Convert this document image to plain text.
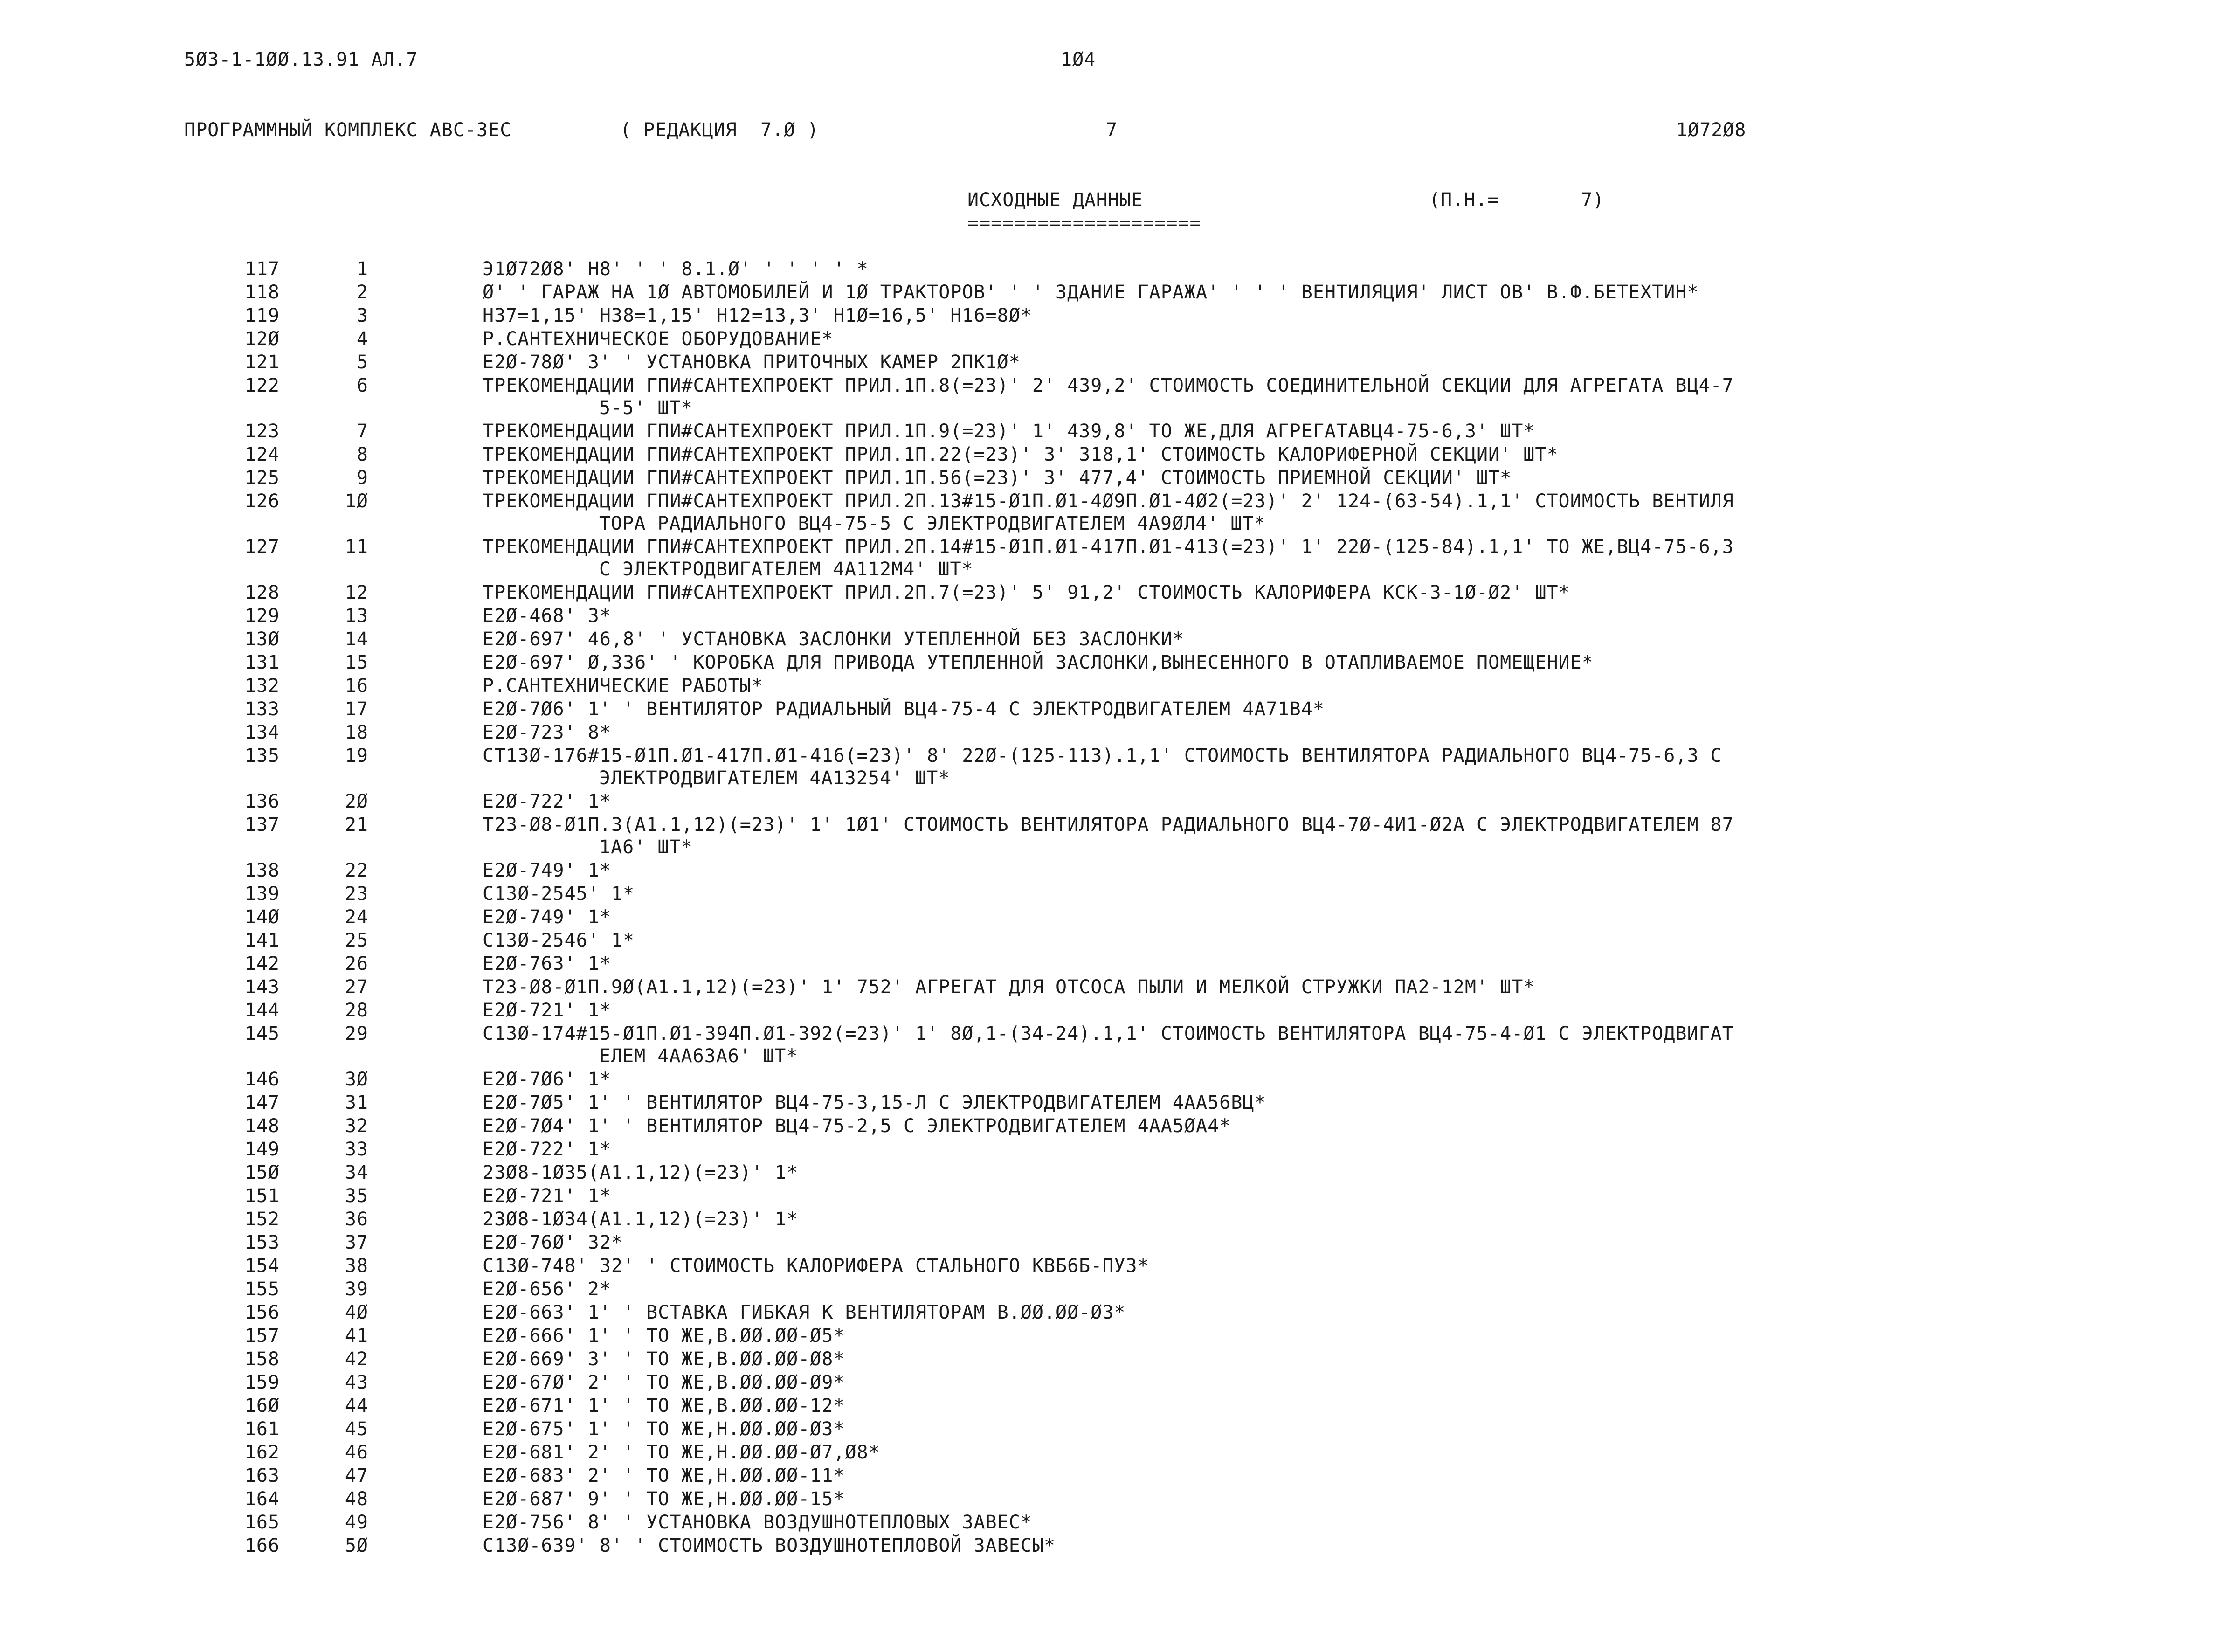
5Ø3-1-1ØØ.13.91 АЛ.7	1Ø4
ПРОГРАММНЫЙ КОМПЛЕКС АВС-3ЕС	( РЕДАКЦИЯ  7.Ø )	7	1Ø72Ø8
ИСХОДНЫЕ ДАННЫЕ
====================
(П.Н.=       7)
117	1	Э1Ø72Ø8' Н8' ' ' 8.1.Ø' ' ' ' ' *
118	2	Ø' ' ГАРАЖ НА 1Ø АВТОМОБИЛЕЙ И 1Ø ТРАКТОРОВ' ' ' ЗДАНИЕ ГАРАЖА' ' ' ' ВЕНТИЛЯЦИЯ' ЛИСТ ОВ' В.Ф.БЕТЕХТИН*
119	3	Н37=1,15' Н38=1,15' Н12=13,3' Н1Ø=16,5' Н16=8Ø*
12Ø	4	Р.САНТЕХНИЧЕСКОЕ ОБОРУДОВАНИЕ*
121	5	Е2Ø-78Ø' 3' ' УСТАНОВКА ПРИТОЧНЫХ КАМЕР 2ПК1Ø*
122	6	ТРЕКОМЕНДАЦИИ ГПИ#САНТЕХПРОЕКТ ПРИЛ.1П.8(=23)' 2' 439,2' СТОИМОСТЬ СОЕДИНИТЕЛЬНОЙ СЕКЦИИ ДЛЯ АГРЕГАТА ВЦ4-7
5-5' ШТ*
123	7	ТРЕКОМЕНДАЦИИ ГПИ#САНТЕХПРОЕКТ ПРИЛ.1П.9(=23)' 1' 439,8' ТО ЖЕ,ДЛЯ АГРЕГАТАВЦ4-75-6,3' ШТ*
124	8	ТРЕКОМЕНДАЦИИ ГПИ#САНТЕХПРОЕКТ ПРИЛ.1П.22(=23)' 3' 318,1' СТОИМОСТЬ КАЛОРИФЕРНОЙ СЕКЦИИ' ШТ*
125	9	ТРЕКОМЕНДАЦИИ ГПИ#САНТЕХПРОЕКТ ПРИЛ.1П.56(=23)' 3' 477,4' СТОИМОСТЬ ПРИЕМНОЙ СЕКЦИИ' ШТ*
126	1Ø	ТРЕКОМЕНДАЦИИ ГПИ#САНТЕХПРОЕКТ ПРИЛ.2П.13#15-Ø1П.Ø1-4Ø9П.Ø1-4Ø2(=23)' 2' 124-(63-54).1,1' СТОИМОСТЬ ВЕНТИЛЯ
ТОРА РАДИАЛЬНОГО ВЦ4-75-5 С ЭЛЕКТРОДВИГАТЕЛЕМ 4А9ØЛ4' ШТ*
127	11	ТРЕКОМЕНДАЦИИ ГПИ#САНТЕХПРОЕКТ ПРИЛ.2П.14#15-Ø1П.Ø1-417П.Ø1-413(=23)' 1' 22Ø-(125-84).1,1' ТО ЖЕ,ВЦ4-75-6,3
С ЭЛЕКТРОДВИГАТЕЛЕМ 4А112М4' ШТ*
128	12	ТРЕКОМЕНДАЦИИ ГПИ#САНТЕХПРОЕКТ ПРИЛ.2П.7(=23)' 5' 91,2' СТОИМОСТЬ КАЛОРИФЕРА КСК-3-1Ø-Ø2' ШТ*
129	13	Е2Ø-468' 3*
13Ø	14	Е2Ø-697' 46,8' ' УСТАНОВКА ЗАСЛОНКИ УТЕПЛЕННОЙ БЕЗ ЗАСЛОНКИ*
131	15	Е2Ø-697' Ø,336' ' КОРОБКА ДЛЯ ПРИВОДА УТЕПЛЕННОЙ ЗАСЛОНКИ,ВЫНЕСЕННОГО В ОТАПЛИВАЕМОЕ ПОМЕЩЕНИЕ*
132	16	Р.САНТЕХНИЧЕСКИЕ РАБОТЫ*
133	17	Е2Ø-7Ø6' 1' ' ВЕНТИЛЯТОР РАДИАЛЬНЫЙ ВЦ4-75-4 С ЭЛЕКТРОДВИГАТЕЛЕМ 4А71В4*
134	18	Е2Ø-723' 8*
135	19	СТ13Ø-176#15-Ø1П.Ø1-417П.Ø1-416(=23)' 8' 22Ø-(125-113).1,1' СТОИМОСТЬ ВЕНТИЛЯТОРА РАДИАЛЬНОГО ВЦ4-75-6,3 С
ЭЛЕКТРОДВИГАТЕЛЕМ 4А13254' ШТ*
136	2Ø	Е2Ø-722' 1*
137	21	Т23-Ø8-Ø1П.3(А1.1,12)(=23)' 1' 1Ø1' СТОИМОСТЬ ВЕНТИЛЯТОРА РАДИАЛЬНОГО ВЦ4-7Ø-4И1-Ø2А С ЭЛЕКТРОДВИГАТЕЛЕМ 87
1А6' ШТ*
138	22	Е2Ø-749' 1*
139	23	С13Ø-2545' 1*
14Ø	24	Е2Ø-749' 1*
141	25	С13Ø-2546' 1*
142	26	Е2Ø-763' 1*
143	27	Т23-Ø8-Ø1П.9Ø(А1.1,12)(=23)' 1' 752' АГРЕГАТ ДЛЯ ОТСОСА ПЫЛИ И МЕЛКОЙ СТРУЖКИ ПА2-12М' ШТ*
144	28	Е2Ø-721' 1*
145	29	С13Ø-174#15-Ø1П.Ø1-394П.Ø1-392(=23)' 1' 8Ø,1-(34-24).1,1' СТОИМОСТЬ ВЕНТИЛЯТОРА ВЦ4-75-4-Ø1 С ЭЛЕКТРОДВИГАТ
ЕЛЕМ 4АА63А6' ШТ*
146	3Ø	Е2Ø-7Ø6' 1*
147	31	Е2Ø-7Ø5' 1' ' ВЕНТИЛЯТОР ВЦ4-75-3,15-Л С ЭЛЕКТРОДВИГАТЕЛЕМ 4АА56ВЦ*
148	32	Е2Ø-7Ø4' 1' ' ВЕНТИЛЯТОР ВЦ4-75-2,5 С ЭЛЕКТРОДВИГАТЕЛЕМ 4АА5ØА4*
149	33	Е2Ø-722' 1*
15Ø	34	23Ø8-1Ø35(А1.1,12)(=23)' 1*
151	35	Е2Ø-721' 1*
152	36	23Ø8-1Ø34(А1.1,12)(=23)' 1*
153	37	Е2Ø-76Ø' 32*
154	38	С13Ø-748' 32' ' СТОИМОСТЬ КАЛОРИФЕРА СТАЛЬНОГО КВБ6Б-ПУ3*
155	39	Е2Ø-656' 2*
156	4Ø	Е2Ø-663' 1' ' ВСТАВКА ГИБКАЯ К ВЕНТИЛЯТОРАМ В.ØØ.ØØ-Ø3*
157	41	Е2Ø-666' 1' ' ТО ЖЕ,В.ØØ.ØØ-Ø5*
158	42	Е2Ø-669' 3' ' ТО ЖЕ,В.ØØ.ØØ-Ø8*
159	43	Е2Ø-67Ø' 2' ' ТО ЖЕ,В.ØØ.ØØ-Ø9*
16Ø	44	Е2Ø-671' 1' ' ТО ЖЕ,В.ØØ.ØØ-12*
161	45	Е2Ø-675' 1' ' ТО ЖЕ,Н.ØØ.ØØ-Ø3*
162	46	Е2Ø-681' 2' ' ТО ЖЕ,Н.ØØ.ØØ-Ø7,Ø8*
163	47	Е2Ø-683' 2' ' ТО ЖЕ,Н.ØØ.ØØ-11*
164	48	Е2Ø-687' 9' ' ТО ЖЕ,Н.ØØ.ØØ-15*
165	49	Е2Ø-756' 8' ' УСТАНОВКА ВОЗДУШНОТЕПЛОВЫХ ЗАВЕС*
166	5Ø	С13Ø-639' 8' ' СТОИМОСТЬ ВОЗДУШНОТЕПЛОВОЙ ЗАВЕСЫ*
